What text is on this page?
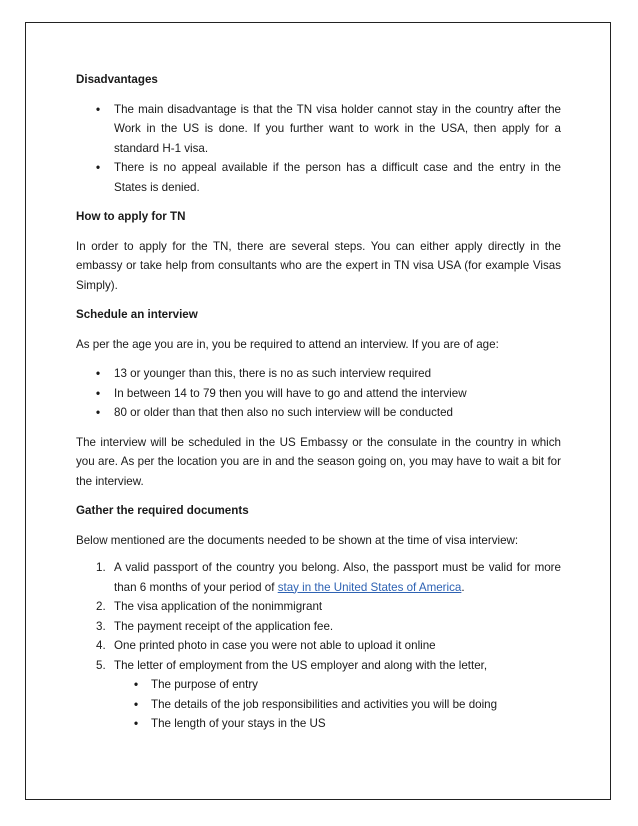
Disadvantages
• The main disadvantage is that the TN visa holder cannot stay in the country after the Work in the US is done. If you further want to work in the USA, then apply for a standard H-1 visa.
• There is no appeal available if the person has a difficult case and the entry in the States is denied.
How to apply for TN

In order to apply for the TN, there are several steps. You can either apply directly in the embassy or take help from consultants who are the expert in TN visa USA (for example Visas Simply).

Schedule an interview

As per the age you are in, you be required to attend an interview. If you are of age:

• 13 or younger than this, there is no as such interview required
• In between 14 to 79 then you will have to go and attend the interview
• 80 or older than that then also no such interview will be conducted

The interview will be scheduled in the US Embassy or the consulate in the country in which you are. As per the location you are in and the season going on, you may have to wait a bit for the interview.

Gather the required documents

Below mentioned are the documents needed to be shown at the time of visa interview:

1. A valid passport of the country you belong. Also, the passport must be valid for more than 6 months of your period of stay in the United States of America.
2. The visa application of the nonimmigrant
3. The payment receipt of the application fee.
4. One printed photo in case you were not able to upload it online
5. The letter of employment from the US employer and along with the letter,
• The purpose of entry
• The details of the job responsibilities and activities you will be doing
• The length of your stays in the US
